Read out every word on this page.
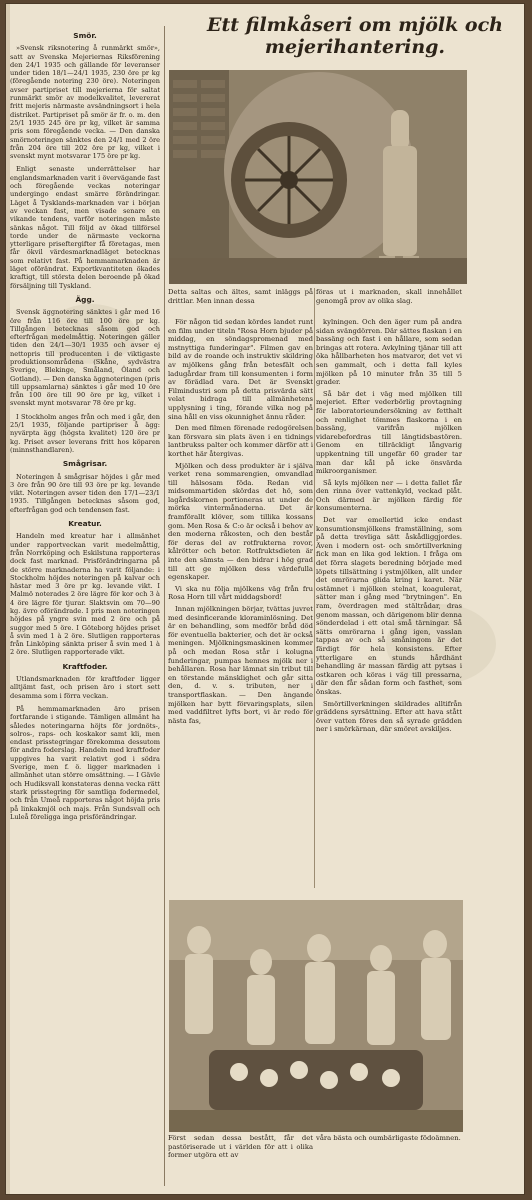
Smör.

»Svensk riksnotering å runmärkt smör», satt av Svenska Mejeriernas Riksförening den 24/1 1935 och gällande för leveranser under tiden 18/1—24/1 1935, 230 öre pr kg (föregående notering 230 öre). Noteringen avser partipriset till mejerierna för saltat runmärkt smör av modelkvalitet, levererat fritt mejeris närmaste avsändningsort i hela distriket. Partipriset på smör är fr. o. m. den 25/1 1935 245 öre pr kg, vilket är samma pris som föregående vecka. — Den danska smörnoteringen sänktes den 24/1 med 2 öre från 204 öre till 202 öre pr kg, vilket i svenskt mynt motsvarar 175 öre pr kg.

Enligt senaste underrättelser har englandsmarknaden varit i övervägande fast och föregående veckas noteringar undergingo endast smärre förändringar. Läget å Tysklands-marknaden var i början av veckan fast, men visade senare en vikande tendens, varför noteringen måste sänkas något. Till följd av ökad tillförsel torde under de närmaste veckorna ytterligare priseftergifter få företagas, men får ökvil värdesmarknadläget betecknas som relativt fast. På hemmamarknaden är läget oförändrat. Exportkvantiteten ökades kraftigt, till största delen beroende på ökad försäljning till Tyskland.

Ägg.

Svensk äggnotering sänktes i går med 16 öre från 116 öre till 100 öre pr kg. Tillgången betecknas såsom god och efterfrågan medelmåttig. Noteringen gäller tiden den 24/1—30/1 1935 och avser ej nettopris till producenten i de viktigaste produktionsområdena (Skåne, sydvästra Sverige, Blekinge, Småland, Öland och Gotland). — Den danska äggnoteringen (pris till uppsamlarna) sänktes i går med 10 öre från 100 öre till 90 öre pr kg, vilket i svenskt mynt motsvarar 78 öre pr kg.

I Stockholm anges från och med i går, den 25/1 1935, följande partipriser å ägg: nyvärpta ägg (högsta kvalitet) 120 öre pr kg. Priset avser leverans fritt hos köparen (minnsthandlaren).

Smågrisar.

Noteringen å smågrisar höjdes i går med 3 öre från 90 öre till 93 öre pr kg. levande vikt. Noteringen avser tiden den 17/1—23/1 1935. Tillgången betecknas såsom god, efterfrågan god och tendensen fast.

Kreatur.

Handeln med kreatur har i allmänhet under rapportveckan varit medelmåttig, från Norrköping och Eskilstuna rapporteras dock fast marknad. Prisförändringarna på de större marknaderna ha varit följande: i Stockholm höjdes noteringen på kalvar och hästar med 3 öre pr kg. levande vikt. I Malmö noterades 2 öre lägre för kor och 3 à 4 öre lägre för tjurar. Slaktsvin om 70—90 kg. ävro oförändrade. I pris men noteringen höjdes på yngre svin med 2 öre och på suggor med 5 öre. I Göteborg höjdes priset å svin med 1 à 2 öre. Slutligen rapporteras från Linköping sänkta priser å svin med 1 à 2 öre. Slutligen rapporterade vikt.

Kraftfoder.

Utlandsmarknaden för kraftfoder ligger alltjämt fast, och prisen äro i stort sett desamma som i förra veckan.

På hemmamarknaden äro prisen fortfarande i stigande. Tämligen allmänt ha således noteringarna höjts för jordnöts-, solros-, raps- och koskakor samt kli, men endast prisstegringar förekomma dessutom för andra foderslag. Handeln med kraftfoder uppgives ha varit relativt god i södra Sverige, men f. ö. ligger marknaden i allmänhet utan större omsättning. — I Gävle och Hudiksvall konstateras denna vecka rätt stark prisstegring för samtliga fodermedel, och från Umeå rapporteras något höjda pris på linkakmjöl och majs. Från Sundsvall och Luleå föreligga inga prisförändringar.

Ett filmkåseri om mjölk och mejerihantering.
Detta saltas och ältes, samt inläggs på drittlar. Men innan dessa
föras ut i marknaden, skall innehållet genomgå prov av olika slag.

För någon tid sedan kördes landet runt en film under titeln "Rosa Horn bjuder på middag, en söndagspromenad med mstnyttiga funderingar". Filmen gav en bild av de roande och instruktiv skildring av mjölkens gång från betesfält och ladugårdar fram till konsumenten i form av förädlad vara. Det är Svenskt Filmindustri som på detta prisvärda sätt velat bidraga till allmänhetens upplysning i ting, förande vilka nog på sina håll en viss okunnighet ännu råder.

Den med filmen förenade redogörelsen kan försvara sin plats även i en tidnings lantbrukss palter och kommer därför att i korthet här återgivas.

Mjölken och dess produkter är i själva verket rena sommarengien, omvandlad till hälsosam föda. Redan vid midsommartiden skördas det hö, som lagårdskornen portioneras ut under de mörka vintermånaderna. Det är framförallt klöver, som tillika kossans gom. Men Rosa & C:o är också i behov av den moderna råkosten, och den består för deras del av rotfrukterna rovor, kålrötter och betor. Rotfruktsdieten är inte den sämsta — den bidrar i hög grad till att ge mjölken dess värdefulla egenskaper.

Vi ska nu följa mjölkens väg från fru Rosa Horn till vårt middagsbord!

Innan mjölkningen börjar, tvättas juvret med desinficerande kloraminlösning. Det är en behandling, som medför bråd död för eventuella bakterier, och det är också meningen. Mjölkningsmaskinen kommer på och medan Rosa står i kolugna funderingar, pumpas hennes mjölk ner i behållaren. Rosa har lämnat sin tribut till en törstande mänsklighet och går sitta den, d. v. s. tributen, ner i transportflaskan. — Den ängandе mjölken har bytt förvaringsplats, silen med vaddfiltret lyfts bort, vi är redo för nästa fas,

kylningen. Och den äger rum på andra sidan svängdörren. Där sättes flaskan i en bassäng och fast i en hållare, som sedan bringas att rotera. Avkylning tjänar till att öka hållbarheten hos matvaror, det vet vi sen gammalt, och i detta fall kyles mjölken på 10 minuter från 35 till 5 grader.

Så bär det i väg med mjölken till mejeriet. Efter vederbörlig provtagning för laboratorieundersökning av fetthalt och renlighet tömmes flaskorna i en bassäng, varifrån mjölken vidarebefordras till längtidsbastören. Genom en tillräckligt långvarig uppkentning till ungefär 60 grader tar man dar kål på icke önsvärda mikroorganismer.

Så kyls mjölken ner — i detta fallet får den rinna över vattenkyld, veckad plåt. Och därmed är mjölken färdig för konsumenterna.

Det var emellertid icke endast konsumtionsmjölkens framställning, som på detta trevliga sätt åskådliggjordes. Även i modern ost- och smörtillverkning fick man en lika god lektion. I fråga om det förra slagets beredning började med löpets tillsättning i ystmjölken, allt under det omrörarna glida kring i karet. När ostämnet i mjölken stelnat, koagulerat, sätter man i gång med "brytningen". En ram, överdragen med stältrådar, dras genom massan, och därigenom blir denna sönderdelad i ett otal små tärningar. Så sätts omrörarna i gång igen, vasslan tappas av och så småningom är det färdigt för hela konsistens. Efter ytterligare en stunds hårdhänt behandling är massan färdig att pytsas i ostkaren och köras i väg till pressarna, där den får sådan form och fasthet, som önskas.

Smörtillverkningen skildrades alltifrån gräddens syrsättning. Efter att hava stått över vatten föres den så syrade grädden ner i smörkärnan, där smöret avskiljes.

Först sedan dessa bestått, får det pastöriserade ut i världen för att i olika former utgöra ett av
våra bästa och oumbärligaste födoämnen.
